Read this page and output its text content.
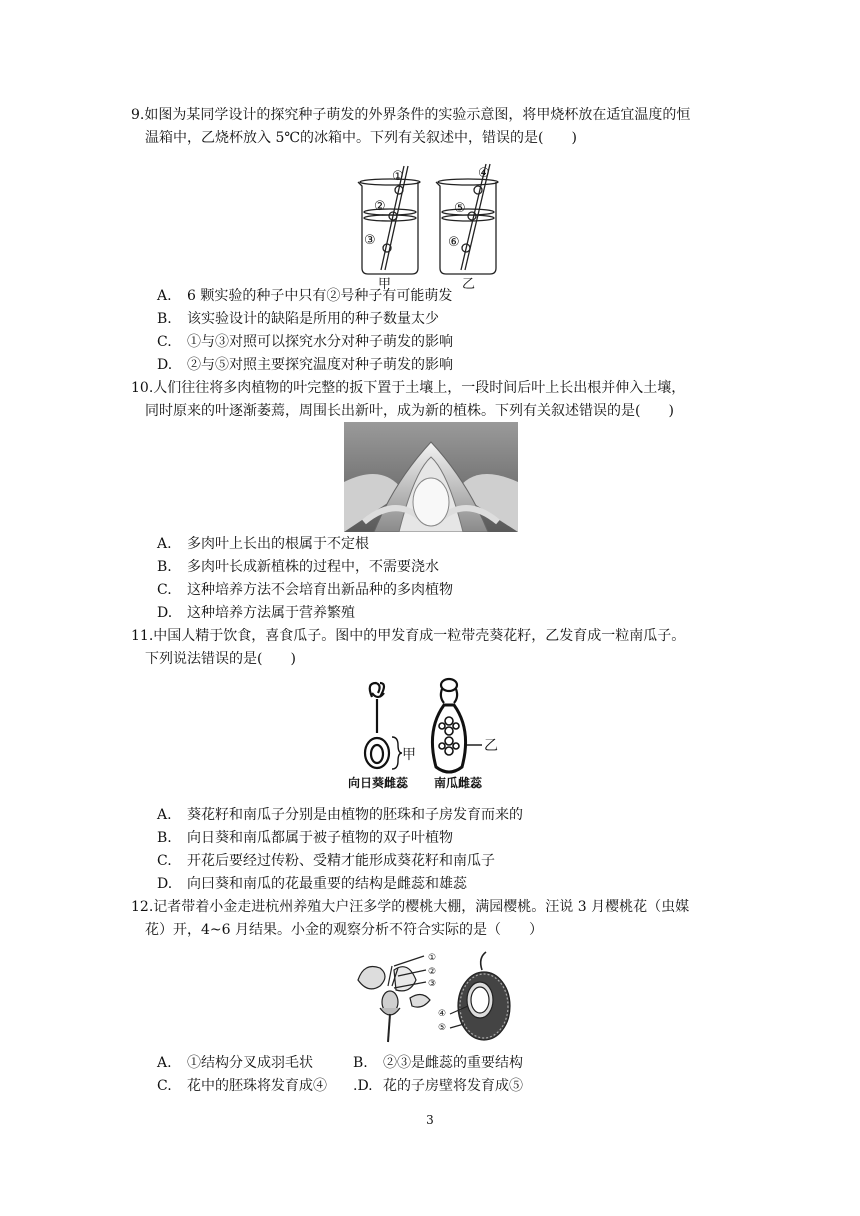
9.如图为某同学设计的探究种子萌发的外界条件的实验示意图，将甲烧杯放在适宜温度的恒
温箱中，乙烧杯放入 5℃的冰箱中。下列有关叙述中，错误的是(　　)
①
②
③
④
⑤
⑥
甲	乙
A. 6 颗实验的种子中只有②号种子有可能萌发
B. 该实验设计的缺陷是所用的种子数量太少
C. ①与③对照可以探究水分对种子萌发的影响
D. ②与⑤对照主要探究温度对种子萌发的影响
10.人们往往将多肉植物的叶完整的扳下置于土壤上，一段时间后叶上长出根并伸入土壤，
同时原来的叶逐渐萎蔫，周围长出新叶，成为新的植株。下列有关叙述错误的是(　　)
A. 多肉叶上长出的根属于不定根
B. 多肉叶长成新植株的过程中，不需要浇水
C. 这种培养方法不会培育出新品种的多肉植物
D. 这种培养方法属于营养繁殖
11.中国人精于饮食，喜食瓜子。图中的甲发育成一粒带壳葵花籽，乙发育成一粒南瓜子。
下列说法错误的是(　　)
甲
乙
向日葵雌蕊 南瓜雌蕊
A. 葵花籽和南瓜子分别是由植物的胚珠和子房发育而来的
B. 向日葵和南瓜都属于被子植物的双子叶植物
C. 开花后要经过传粉、受精才能形成葵花籽和南瓜子
D. 向曰葵和南瓜的花最重要的结构是雌蕊和雄蕊
12.记者带着小金走进杭州养殖大户汪多学的樱桃大棚，满园樱桃。汪说 3 月樱桃花（虫媒
花）开，4~6 月结果。小金的观察分析不符合实际的是（　　）
①
②
③
④
⑤
A. ①结构分叉成羽毛状	B. ②③是雌蕊的重要结构
C. 花中的胚珠将发育成④ .D. 花的子房壁将发育成⑤
3
